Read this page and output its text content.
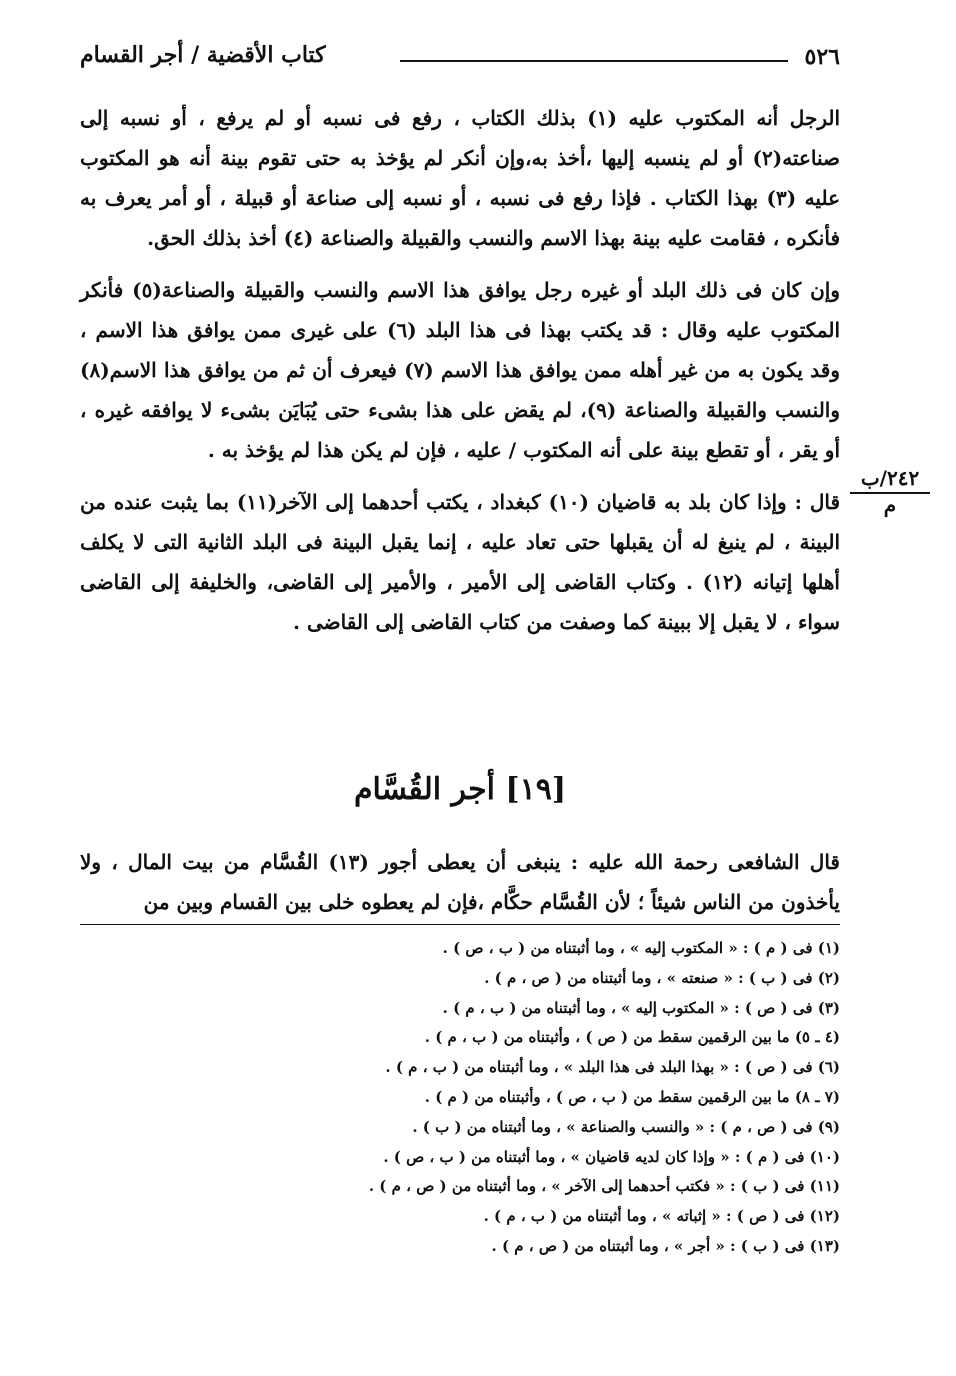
٥٢٦
كتاب الأقضية / أجر القسام

الرجل أنه المكتوب عليه (١) بذلك الكتاب ، رفع فى نسبه أو لم يرفع ، أو نسبه إلى صناعته(٢) أو لم ينسبه إليها ،أخذ به،وإن أنكر لم يؤخذ به حتى تقوم بينة أنه هو المكتوب عليه (٣) بهذا الكتاب . فإذا رفع فى نسبه ، أو نسبه إلى صناعة أو قبيلة ، أو أمر يعرف به فأنكره ، فقامت عليه بينة بهذا الاسم والنسب والقبيلة والصناعة (٤) أخذ بذلك الحق.

وإن كان فى ذلك البلد أو غيره رجل يوافق هذا الاسم والنسب والقبيلة والصناعة(٥) فأنكر المكتوب عليه وقال : قد يكتب بهذا فى هذا البلد (٦) على غيرى ممن يوافق هذا الاسم ، وقد يكون به من غير أهله ممن يوافق هذا الاسم (٧) فيعرف أن ثم من يوافق هذا الاسم(٨) والنسب والقبيلة والصناعة (٩)، لم يقض على هذا بشىء حتى يُبَايَن بشىء لا يوافقه غيره ، أو يقر ، أو تقطع بينة على أنه المكتوب / عليه ، فإن لم يكن هذا لم يؤخذ به .

قال : وإذا كان بلد به قاضيان (١٠) كبغداد ، يكتب أحدهما إلى الآخر(١١) بما يثبت عنده من البينة ، لم ينبغ له أن يقبلها حتى تعاد عليه ، إنما يقبل البينة فى البلد الثانية التى لا يكلف أهلها إتيانه (١٢) . وكتاب القاضى إلى الأمير ، والأمير إلى القاضى، والخليفة إلى القاضى سواء ، لا يقبل إلا ببينة كما وصفت من كتاب القاضى إلى القاضى .

٢٤٢/ب
م
[١٩] أجر القُسَّام

قال الشافعى رحمة الله عليه : ينبغى أن يعطى أجور (١٣) القُسَّام من بيت المال ، ولا يأخذون من الناس شيئاً ؛ لأن القُسَّام حكَّام ،فإن لم يعطوه خلى بين القسام وبين من

(١) فى ( م ) : « المكتوب إليه » ، وما أثبتناه من ( ب ، ص ) .
(٢) فى ( ب ) : « صنعته » ، وما أثبتناه من ( ص ، م ) .
(٣) فى ( ص ) : « المكتوب إليه » ، وما أثبتناه من ( ب ، م ) .
(٤ ـ ٥) ما بين الرقمين سقط من ( ص ) ، وأثبتناه من ( ب ، م ) .
(٦) فى ( ص ) : « بهذا البلد فى هذا البلد » ، وما أثبتناه من ( ب ، م ) .
(٧ ـ ٨) ما بين الرقمين سقط من ( ب ، ص ) ، وأثبتناه من ( م ) .
(٩) فى ( ص ، م ) : « والنسب والصناعة » ، وما أثبتناه من ( ب ) .
(١٠) فى ( م ) : « وإذا كان لديه قاضيان » ، وما أثبتناه من ( ب ، ص ) .
(١١) فى ( ب ) : « فكتب أحدهما إلى الآخر » ، وما أثبتناه من ( ص ، م ) .
(١٢) فى ( ص ) : « إثباته » ، وما أثبتناه من ( ب ، م ) .
(١٣) فى ( ب ) : « أجر » ، وما أثبتناه من ( ص ، م ) .
